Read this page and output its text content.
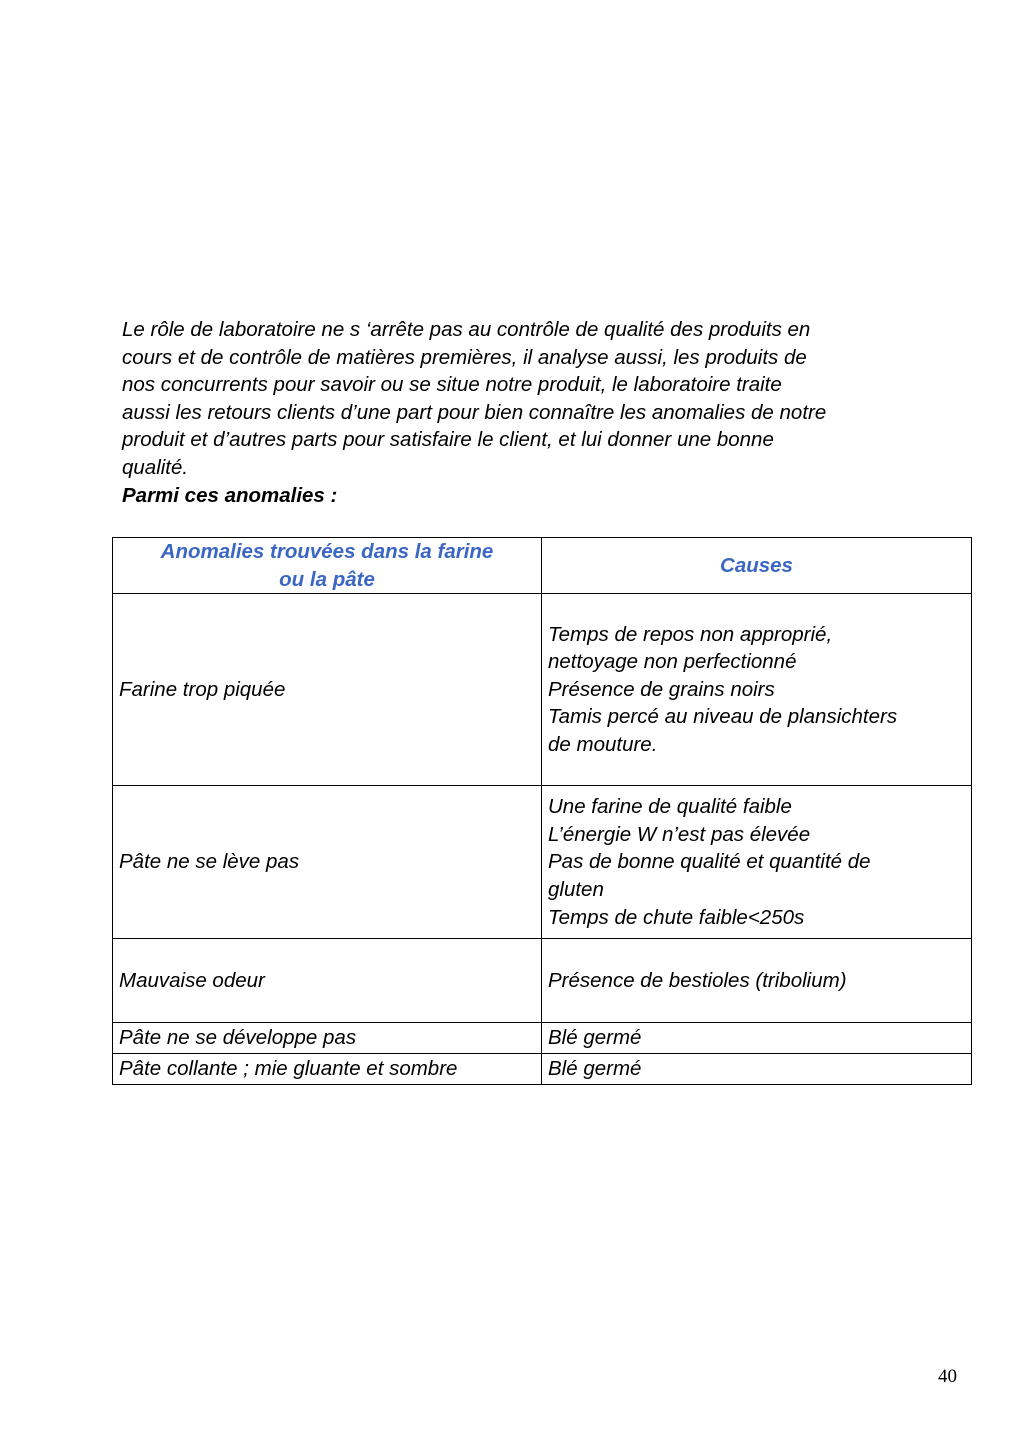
Le rôle de laboratoire ne s ‘arrête pas au contrôle de qualité des produits en
cours et de contrôle de matières premières, il analyse aussi, les produits de
nos concurrents pour savoir ou se situe notre produit, le laboratoire traite
aussi les retours clients d’une part pour bien connaître les anomalies de notre
produit et d’autres parts pour satisfaire le client, et lui donner une bonne
qualité.

Parmi ces anomalies :

Anomalies trouvées dans la farine
ou la pâte	Causes
Farine trop piquée	Temps de repos non approprié,
nettoyage non perfectionné
Présence de grains noirs
Tamis percé au niveau de plansichters
de mouture.

Pâte ne se lève pas	Une farine de qualité faible
L’énergie W n’est pas élevée
Pas de bonne qualité et quantité de
gluten
Temps de chute faible<250s

Mauvaise odeur	Présence de bestioles (tribolium)

Pâte ne se développe pas	Blé germé

Pâte collante ; mie gluante et sombre	Blé germé
40
